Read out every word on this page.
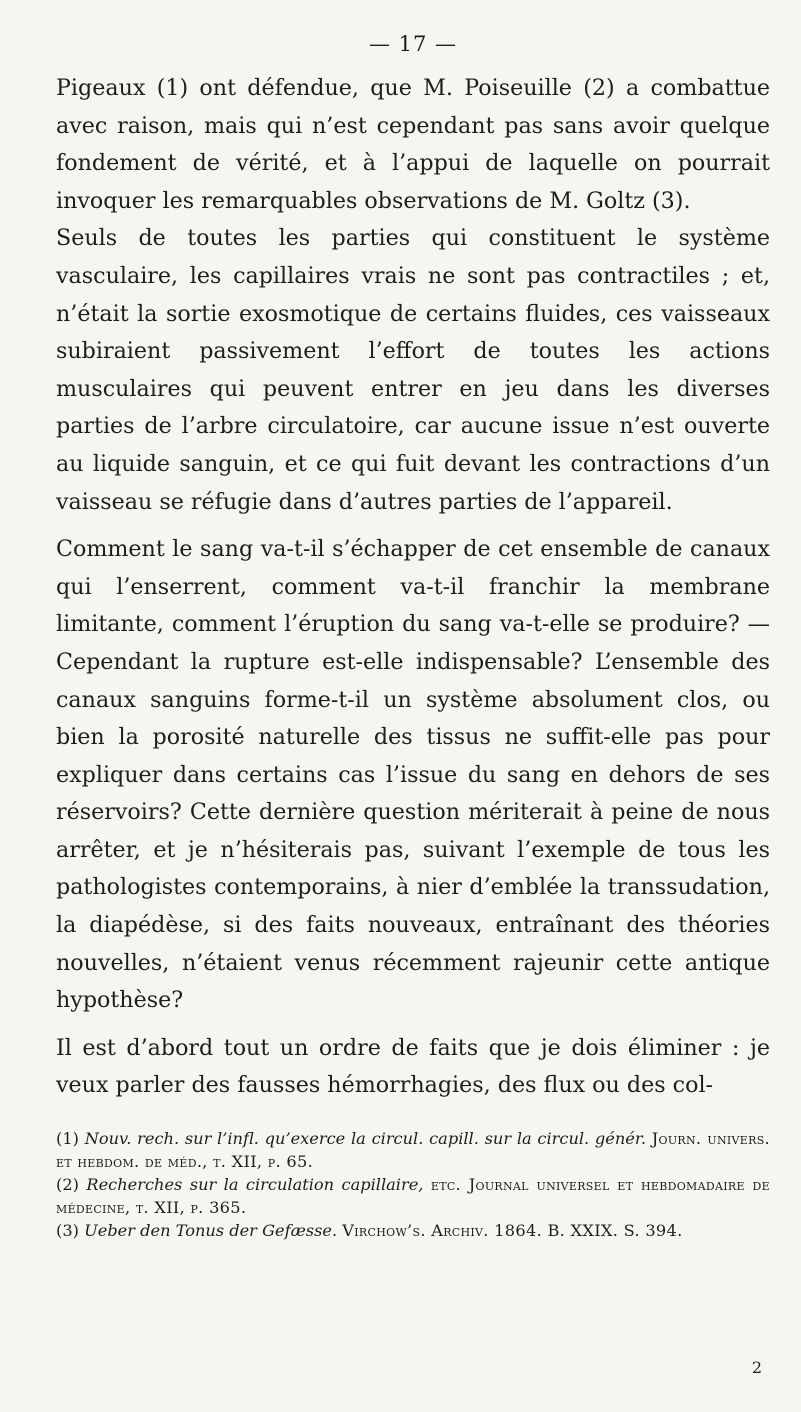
— 17 —

Pigeaux (1) ont défendue, que M. Poiseuille (2) a combattue avec raison, mais qui n’est cependant pas sans avoir quelque fondement de vérité, et à l’appui de laquelle on pourrait invoquer les remarquables observations de M. Goltz (3).

Seuls de toutes les parties qui constituent le système vasculaire, les capillaires vrais ne sont pas contractiles ; et, n’était la sortie exosmotique de certains fluides, ces vaisseaux subiraient passivement l’effort de toutes les actions musculaires qui peuvent entrer en jeu dans les diverses parties de l’arbre circulatoire, car aucune issue n’est ouverte au liquide sanguin, et ce qui fuit devant les contractions d’un vaisseau se réfugie dans d’autres parties de l’appareil.

Comment le sang va-t-il s’échapper de cet ensemble de canaux qui l’enserrent, comment va-t-il franchir la membrane limitante, comment l’éruption du sang va-t-elle se produire? — Cependant la rupture est-elle indispensable? L’ensemble des canaux sanguins forme-t-il un système absolument clos, ou bien la porosité naturelle des tissus ne suffit-elle pas pour expliquer dans certains cas l’issue du sang en dehors de ses réservoirs? Cette dernière question mériterait à peine de nous arrêter, et je n’hésiterais pas, suivant l’exemple de tous les pathologistes contemporains, à nier d’emblée la transsudation, la diapédèse, si des faits nouveaux, entraînant des théories nouvelles, n’étaient venus récemment rajeunir cette antique hypothèse?

Il est d’abord tout un ordre de faits que je dois éliminer : je veux parler des fausses hémorrhagies, des flux ou des col-

(1) Nouv. rech. sur l’infl. qu’exerce la circul. capill. sur la circul. génér. Journ. univers. et hebdom. de méd., t. XII, p. 65.

(2) Recherches sur la circulation capillaire, etc. Journal universel et hebdomadaire de médecine, t. XII, p. 365.

(3) Ueber den Tonus der Gefæsse. Virchow’s. Archiv. 1864. B. XXIX. S. 394.

2
